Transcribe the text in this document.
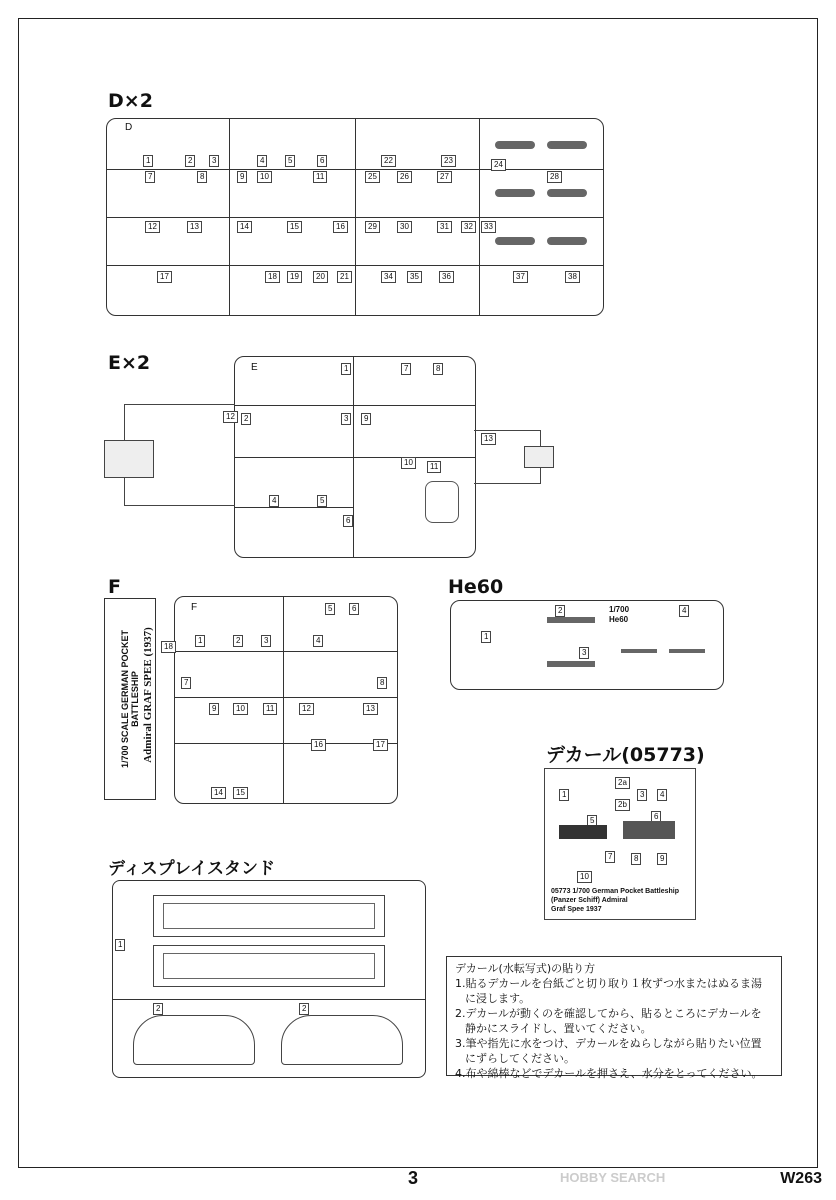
D×2
D
1	2	3	4	5	6
7	8	9	10	11
12	13	14	15	16
17	18	19	20	21
22	23	24
25	26	27	28
29	30	31	32	33
34	35	36	37	38
E×2	E	1
2	3
4	5
6
7	8
9
10	11
12
13
F
1/700 SCALE GERMAN POCKET BATTLESHIP Admiral GRAF SPEE (1937)
F
1	2	3	4
5	6
7	8
9	10	11	12	13
14	15
16	17
18
He60
1
2
3
4
1/700
He60
デカール(05773)
1
2a
2b
3	4
5	6
7	8	9
10
05773 1/700 German Pocket Battleship
(Panzer Schiff) Admiral
Graf Spee 1937
ディスプレイスタンド
1
2	2
デカール(水転写式)の貼り方
1.貼るデカールを台紙ごと切り取り１枚ずつ水またはぬるま湯
に浸します。
2.デカールが動くのを確認してから、貼るところにデカールを
静かにスライドし、置いてください。
3.筆や指先に水をつけ、デカールをぬらしながら貼りたい位置
にずらしてください。
4.布や綿棒などでデカールを押さえ、水分をとってください。
3	HOBBY SEARCH	W263
